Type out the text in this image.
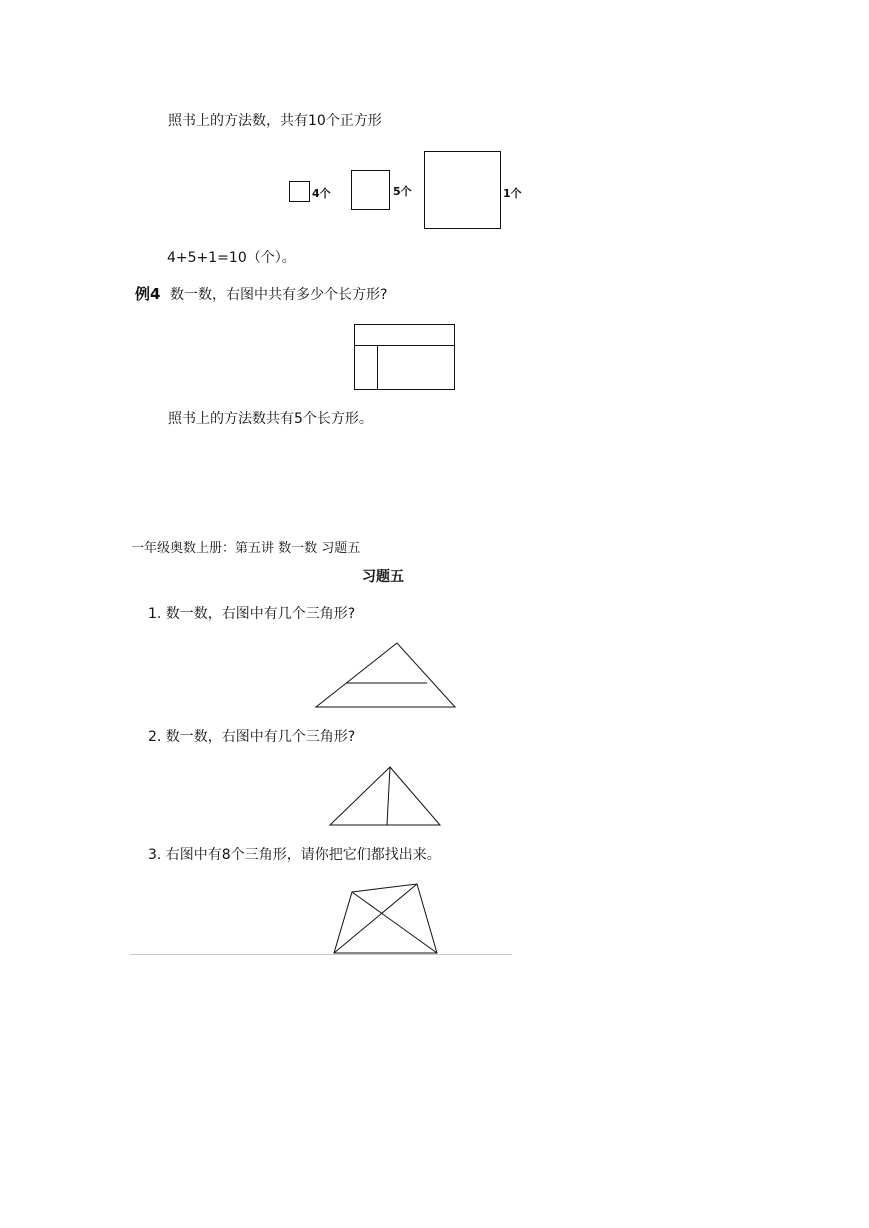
照书上的方法数，共有10个正方形
4+5+1=10（个）。
例4 数一数，右图中共有多少个长方形?
照书上的方法数共有5个长方形。
一年级奥数上册：第五讲 数一数 习题五
习题五
1. 数一数，右图中有几个三角形?
2. 数一数，右图中有几个三角形?
3. 右图中有8个三角形，请你把它们都找出来。
4个	5个	1个
